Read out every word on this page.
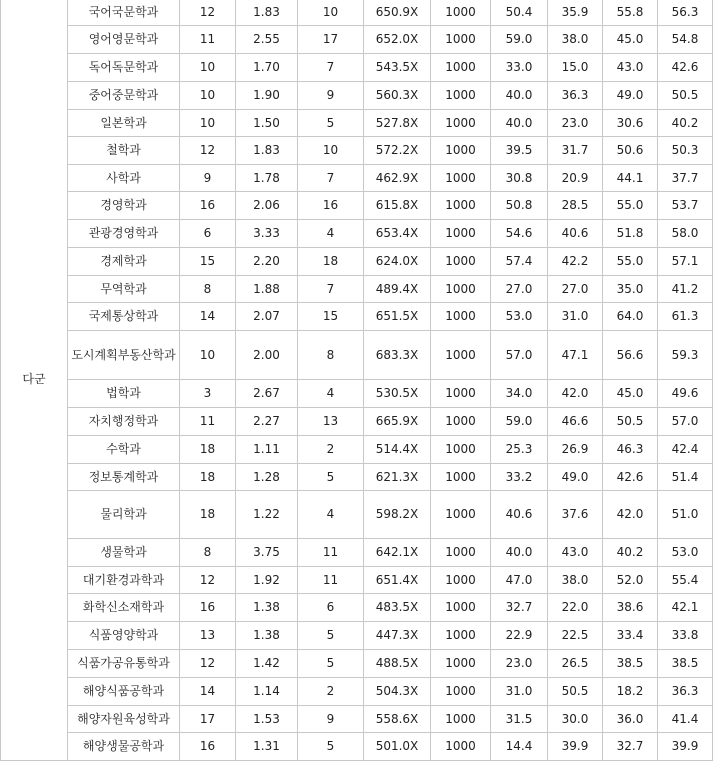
다군	국어국문학과	12	1.83	10	650.9X	1000	50.4	35.9	55.8	56.3
	영어영문학과	11	2.55	17	652.0X	1000	59.0	38.0	45.0	54.8
	독어독문학과	10	1.70	7	543.5X	1000	33.0	15.0	43.0	42.6
	중어중문학과	10	1.90	9	560.3X	1000	40.0	36.3	49.0	50.5
	일본학과	10	1.50	5	527.8X	1000	40.0	23.0	30.6	40.2
	철학과	12	1.83	10	572.2X	1000	39.5	31.7	50.6	50.3
	사학과	9	1.78	7	462.9X	1000	30.8	20.9	44.1	37.7
	경영학과	16	2.06	16	615.8X	1000	50.8	28.5	55.0	53.7
	관광경영학과	6	3.33	4	653.4X	1000	54.6	40.6	51.8	58.0
	경제학과	15	2.20	18	624.0X	1000	57.4	42.2	55.0	57.1
	무역학과	8	1.88	7	489.4X	1000	27.0	27.0	35.0	41.2
	국제통상학과	14	2.07	15	651.5X	1000	53.0	31.0	64.0	61.3
	도시계획부동산학과	10	2.00	8	683.3X	1000	57.0	47.1	56.6	59.3
	법학과	3	2.67	4	530.5X	1000	34.0	42.0	45.0	49.6
	자치행정학과	11	2.27	13	665.9X	1000	59.0	46.6	50.5	57.0
	수학과	18	1.11	2	514.4X	1000	25.3	26.9	46.3	42.4
	정보통계학과	18	1.28	5	621.3X	1000	33.2	49.0	42.6	51.4
	물리학과	18	1.22	4	598.2X	1000	40.6	37.6	42.0	51.0
	생물학과	8	3.75	11	642.1X	1000	40.0	43.0	40.2	53.0
	대기환경과학과	12	1.92	11	651.4X	1000	47.0	38.0	52.0	55.4
	화학신소재학과	16	1.38	6	483.5X	1000	32.7	22.0	38.6	42.1
	식품영양학과	13	1.38	5	447.3X	1000	22.9	22.5	33.4	33.8
	식품가공유통학과	12	1.42	5	488.5X	1000	23.0	26.5	38.5	38.5
	해양식품공학과	14	1.14	2	504.3X	1000	31.0	50.5	18.2	36.3
	해양자원육성학과	17	1.53	9	558.6X	1000	31.5	30.0	36.0	41.4
	해양생물공학과	16	1.31	5	501.0X	1000	14.4	39.9	32.7	39.9
